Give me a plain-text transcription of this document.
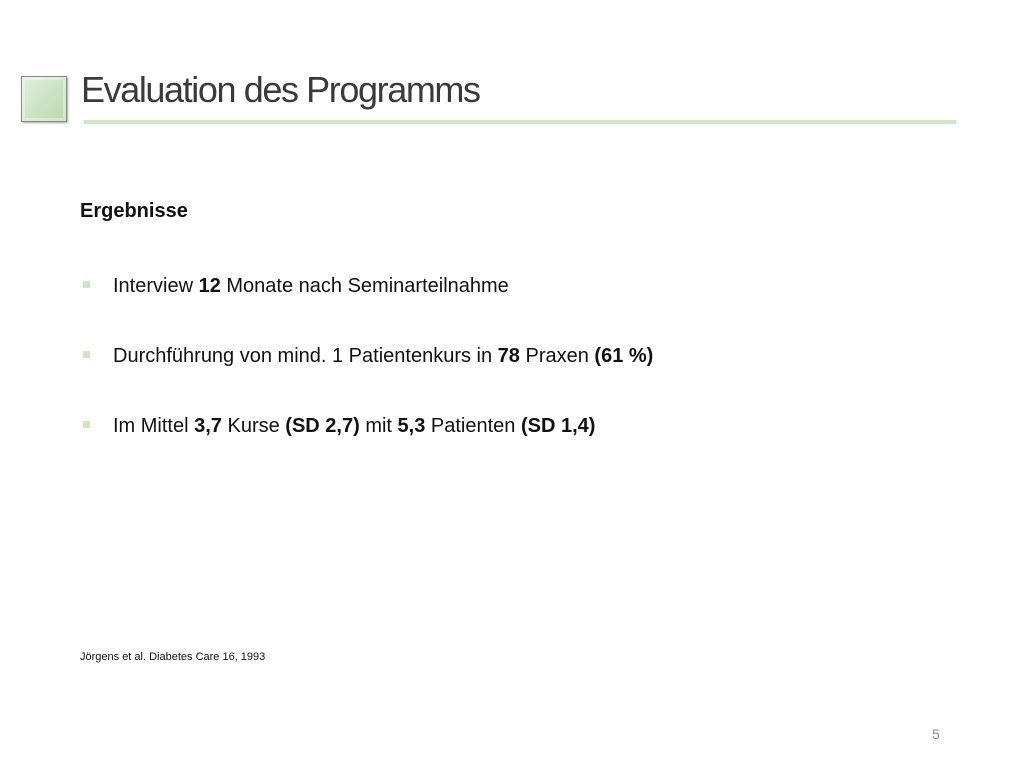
Evaluation des Programms
Ergebnisse
Interview 12 Monate nach Seminarteilnahme
Durchführung von mind. 1 Patientenkurs in 78 Praxen (61 %)
Im Mittel 3,7 Kurse (SD 2,7) mit 5,3 Patienten (SD 1,4)
Jörgens et al. Diabetes Care 16, 1993
5
